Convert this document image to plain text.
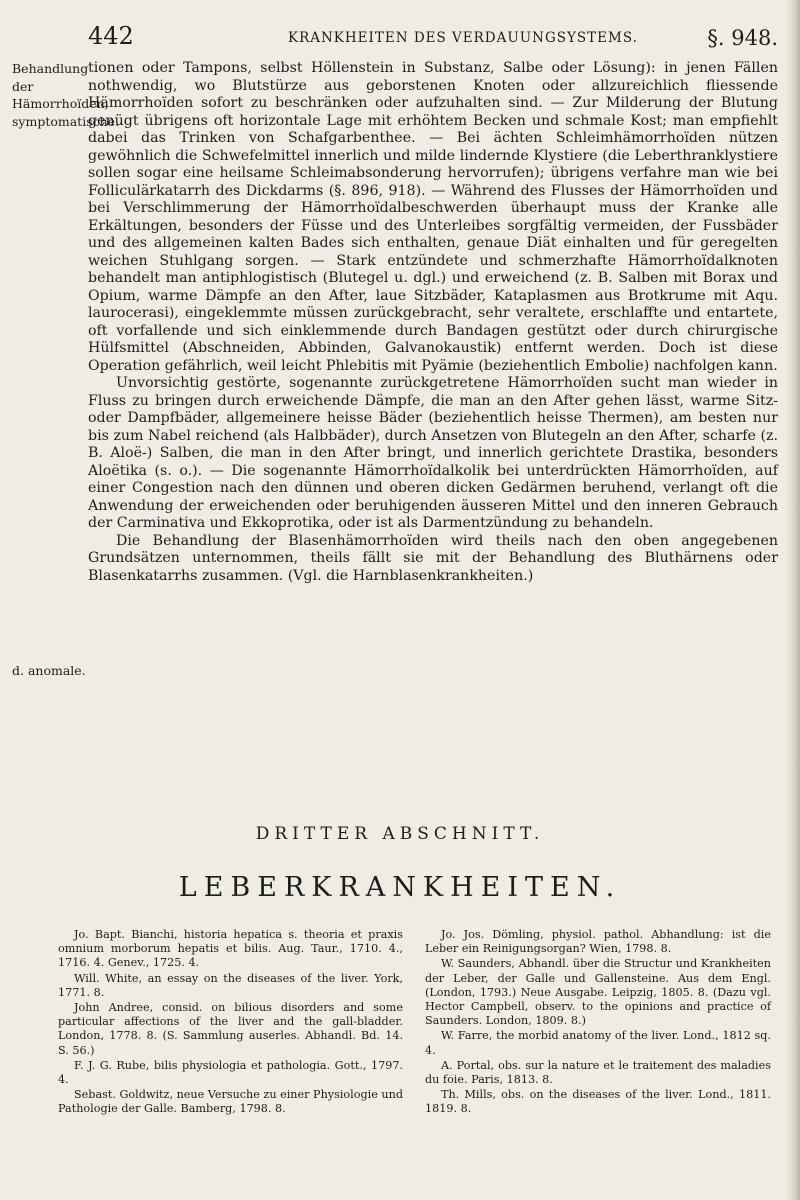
442	KRANKHEITEN DES VERDAUUNGSYSTEMS.	§. 948.
Behandlung der Hämorrhoïden, symptomatische.
d. anomale.

tionen oder Tampons, selbst Höllenstein in Substanz, Salbe oder Lösung): in jenen Fällen nothwendig, wo Blutstürze aus geborstenen Knoten oder allzureichlich fliessende Hämorrhoïden sofort zu beschränken oder aufzuhalten sind. — Zur Milderung der Blutung genügt übrigens oft horizontale Lage mit erhöhtem Becken und schmale Kost; man empfiehlt dabei das Trinken von Schafgarbenthee. — Bei ächten Schleimhämorrhoïden nützen gewöhnlich die Schwefelmittel innerlich und milde lindernde Klystiere (die Leberthranklystiere sollen sogar eine heilsame Schleimabsonderung hervorrufen); übrigens verfahre man wie bei Folliculärkatarrh des Dickdarms (§. 896, 918). — Während des Flusses der Hämorrhoïden und bei Verschlimmerung der Hämorrhoïdalbeschwerden überhaupt muss der Kranke alle Erkältungen, besonders der Füsse und des Unterleibes sorgfältig vermeiden, der Fussbäder und des allgemeinen kalten Bades sich enthalten, genaue Diät einhalten und für geregelten weichen Stuhlgang sorgen. — Stark entzündete und schmerzhafte Hämorrhoïdalknoten behandelt man antiphlogistisch (Blutegel u. dgl.) und erweichend (z. B. Salben mit Borax und Opium, warme Dämpfe an den After, laue Sitzbäder, Kataplasmen aus Brotkrume mit Aqu. laurocerasi), eingeklemmte müssen zurückgebracht, sehr veraltete, erschlaffte und entartete, oft vorfallende und sich einklemmende durch Bandagen gestützt oder durch chirurgische Hülfsmittel (Abschneiden, Abbinden, Galvanokaustik) entfernt werden. Doch ist diese Operation gefährlich, weil leicht Phlebitis mit Pyämie (beziehentlich Embolie) nachfolgen kann.

Unvorsichtig gestörte, sogenannte zurückgetretene Hämorrhoïden sucht man wieder in Fluss zu bringen durch erweichende Dämpfe, die man an den After gehen lässt, warme Sitz- oder Dampfbäder, allgemeinere heisse Bäder (beziehentlich heisse Thermen), am besten nur bis zum Nabel reichend (als Halbbäder), durch Ansetzen von Blutegeln an den After, scharfe (z. B. Aloë-) Salben, die man in den After bringt, und innerlich gerichtete Drastika, besonders Aloëtika (s. o.). — Die sogenannte Hämorrhoïdalkolik bei unterdrückten Hämorrhoïden, auf einer Congestion nach den dünnen und oberen dicken Gedärmen beruhend, verlangt oft die Anwendung der erweichenden oder beruhigenden äusseren Mittel und den inneren Gebrauch der Carminativa und Ekkoprotika, oder ist als Darmentzündung zu behandeln.

Die Behandlung der Blasenhämorrhoïden wird theils nach den oben angegebenen Grundsätzen unternommen, theils fällt sie mit der Behandlung des Bluthärnens oder Blasenkatarrhs zusammen. (Vgl. die Harnblasenkrankheiten.)

DRITTER ABSCHNITT.
LEBERKRANKHEITEN.

Jo. Bapt. Bianchi, historia hepatica s. theoria et praxis omnium morborum hepatis et bilis. Aug. Taur., 1710. 4., 1716. 4. Genev., 1725. 4.

Will. White, an essay on the diseases of the liver. York, 1771. 8.

John Andree, consid. on bilious disorders and some particular affections of the liver and the gall-bladder. London, 1778. 8. (S. Sammlung auserles. Abhandl. Bd. 14. S. 56.)

F. J. G. Rube, bilis physiologia et pathologia. Gott., 1797. 4.

Sebast. Goldwitz, neue Versuche zu einer Physiologie und Pathologie der Galle. Bamberg, 1798. 8.

Jo. Jos. Dömling, physiol. pathol. Abhandlung: ist die Leber ein Reinigungsorgan? Wien, 1798. 8.

W. Saunders, Abhandl. über die Structur und Krankheiten der Leber, der Galle und Gallensteine. Aus dem Engl. (London, 1793.) Neue Ausgabe. Leipzig, 1805. 8. (Dazu vgl. Hector Campbell, observ. to the opinions and practice of Saunders. London, 1809. 8.)

W. Farre, the morbid anatomy of the liver. Lond., 1812 sq. 4.

A. Portal, obs. sur la nature et le traitement des maladies du foie. Paris, 1813. 8.

Th. Mills, obs. on the diseases of the liver. Lond., 1811. 1819. 8.
